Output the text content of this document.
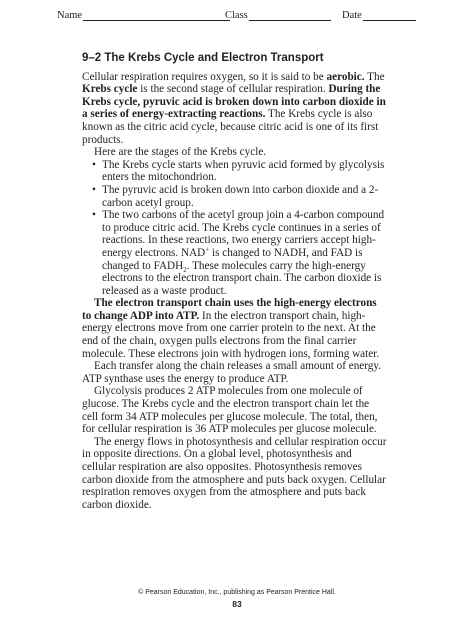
Name	Class	Date
9–2 The Krebs Cycle and Electron Transport

Cellular respiration requires oxygen, so it is said to be aerobic. The Krebs cycle is the second stage of cellular respiration. During the Krebs cycle, pyruvic acid is broken down into carbon dioxide in a series of energy-extracting reactions. The Krebs cycle is also known as the citric acid cycle, because citric acid is one of its first products.

Here are the stages of the Krebs cycle.

• The Krebs cycle starts when pyruvic acid formed by glycolysis enters the mitochondrion.
• The pyruvic acid is broken down into carbon dioxide and a 2-carbon acetyl group.
• The two carbons of the acetyl group join a 4-carbon compound to produce citric acid. The Krebs cycle continues in a series of reactions. In these reactions, two energy carriers accept high-energy electrons. NAD+ is changed to NADH, and FAD is changed to $FADH_2$. These molecules carry the high-energy electrons to the electron transport chain. The carbon dioxide is released as a waste product.

The electron transport chain uses the high-energy electrons to change ADP into ATP. In the electron transport chain, high-energy electrons move from one carrier protein to the next. At the end of the chain, oxygen pulls electrons from the final carrier molecule. These electrons join with hydrogen ions, forming water.

Each transfer along the chain releases a small amount of energy. ATP synthase uses the energy to produce ATP.

Glycolysis produces 2 ATP molecules from one molecule of glucose. The Krebs cycle and the electron transport chain let the cell form 34 ATP molecules per glucose molecule. The total, then, for cellular respiration is 36 ATP molecules per glucose molecule.

The energy flows in photosynthesis and cellular respiration occur in opposite directions. On a global level, photosynthesis and cellular respiration are also opposites. Photosynthesis removes carbon dioxide from the atmosphere and puts back oxygen. Cellular respiration removes oxygen from the atmosphere and puts back carbon dioxide.

© Pearson Education, Inc., publishing as Pearson Prentice Hall.
83
